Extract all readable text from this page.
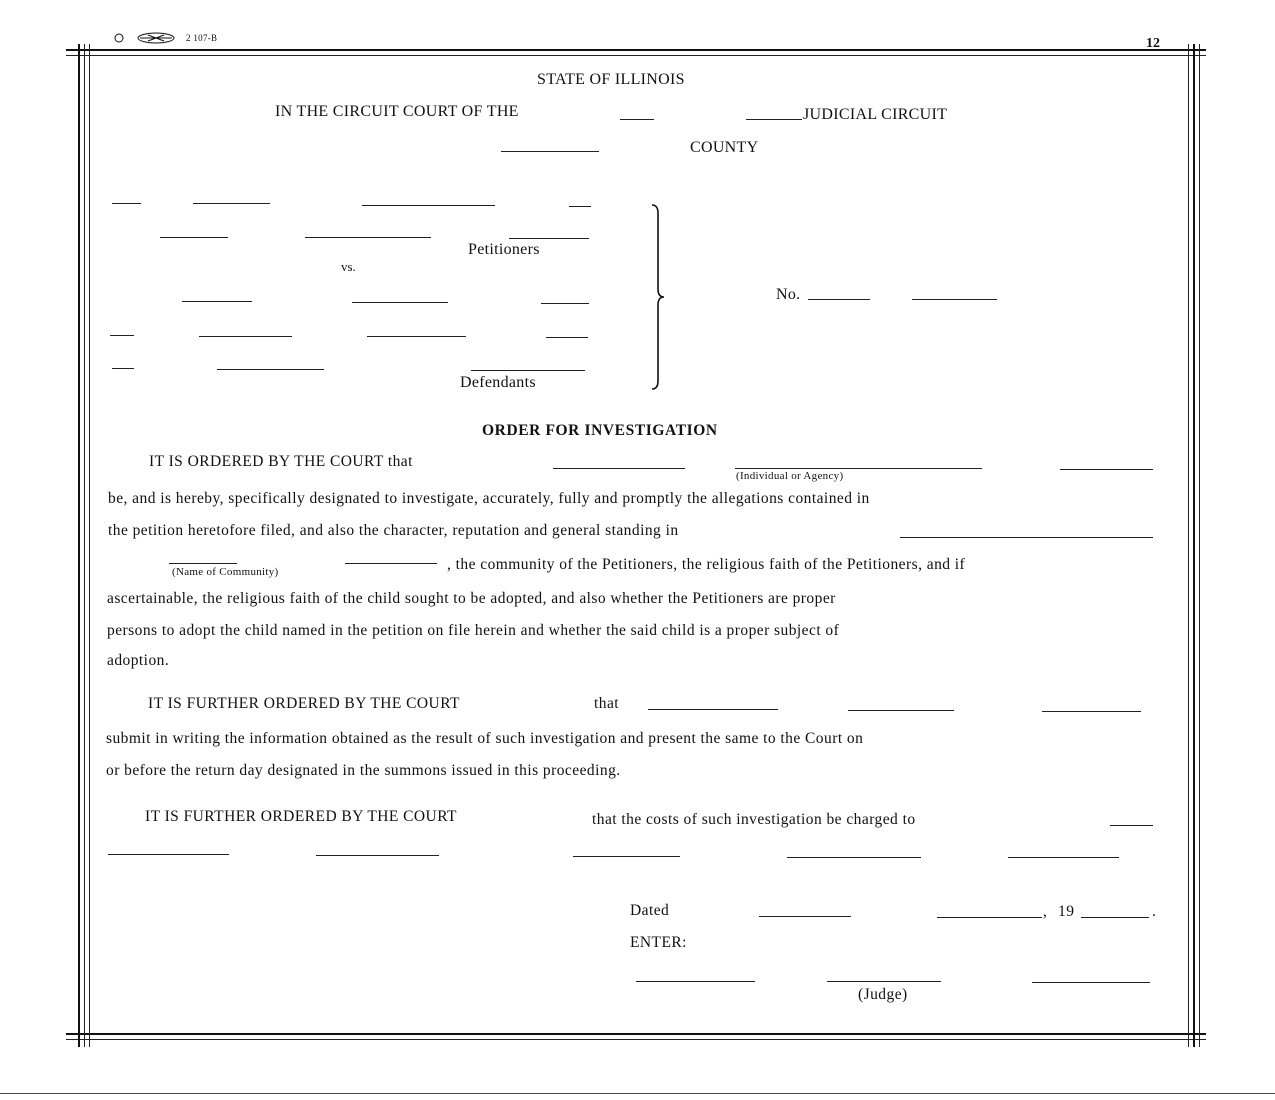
2 107-B	12
STATE OF ILLINOIS
IN THE CIRCUIT COURT OF THE	JUDICIAL CIRCUIT
COUNTY
Petitioners
vs.
Defendants
No.
ORDER FOR INVESTIGATION
IT IS ORDERED BY THE COURT that
(Individual or Agency)
be, and is hereby, specifically designated to investigate, accurately, fully and promptly the allegations contained in
the petition heretofore filed, and also the character, reputation and general standing in
(Name of Community)	, the community of the Petitioners, the religious faith of the Petitioners, and if
ascertainable, the religious faith of the child sought to be adopted, and also whether the Petitioners are proper
persons to adopt the child named in the petition on file herein and whether the said child is a proper subject of
adoption.
IT IS FURTHER ORDERED BY THE COURT	that
submit in writing the information obtained as the result of such investigation and present the same to the Court on
or before the return day designated in the summons issued in this proceeding.
IT IS FURTHER ORDERED BY THE COURT	that the costs of such investigation be charged to
Dated	, 19	.
ENTER:
(Judge)
